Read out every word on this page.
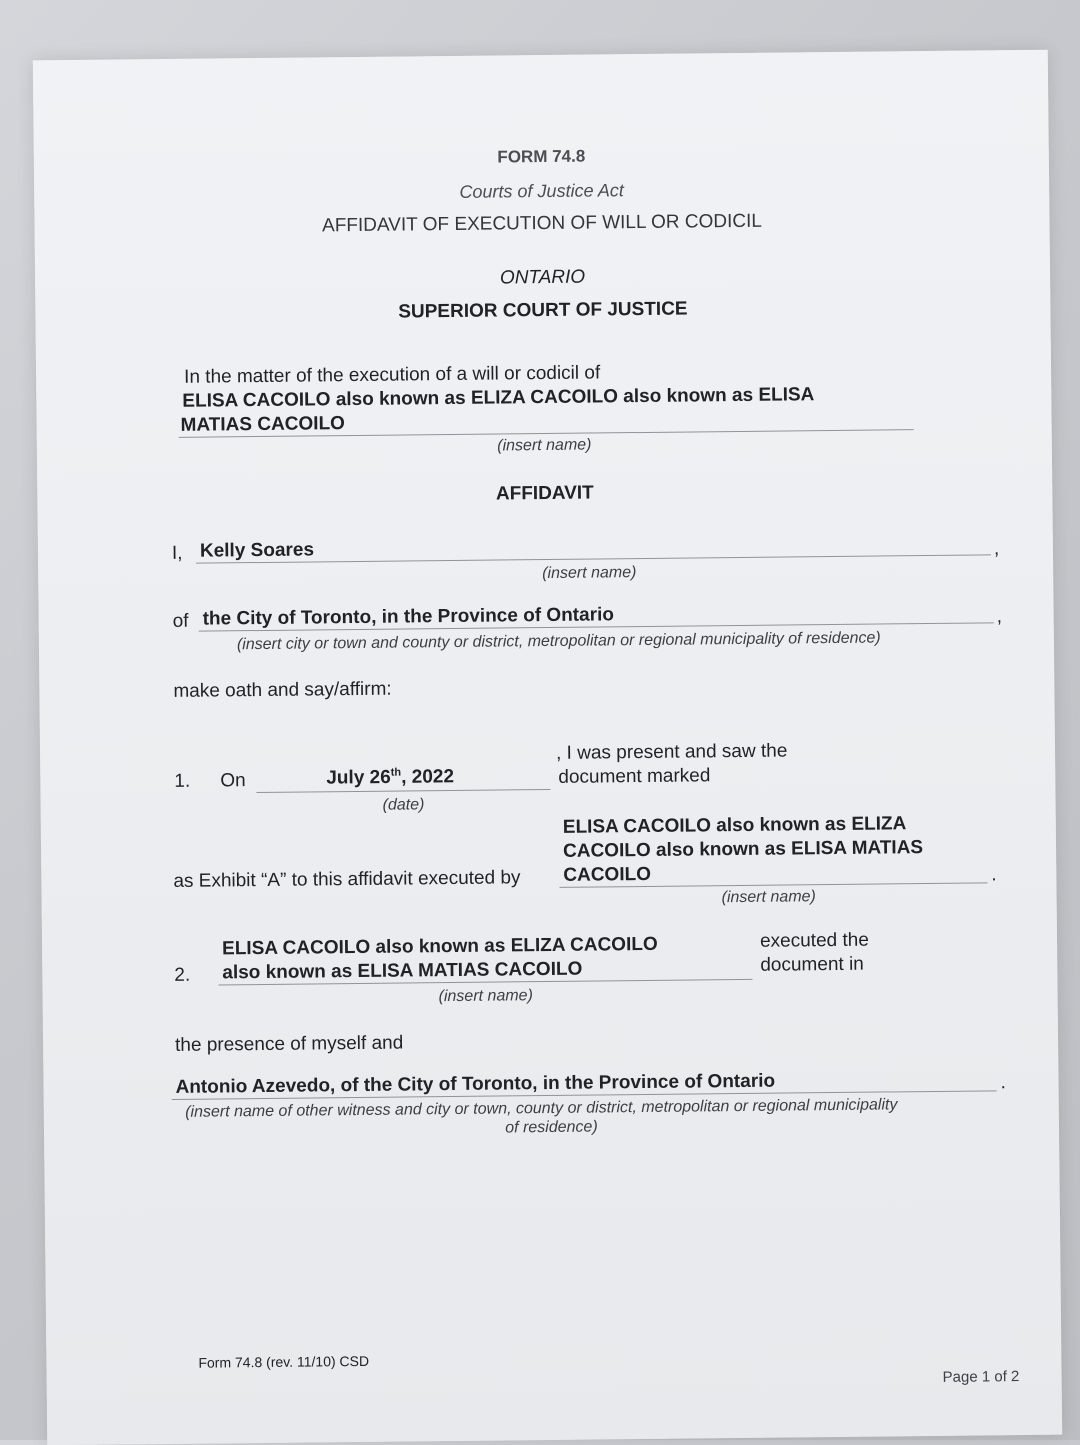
FORM 74.8
Courts of Justice Act
AFFIDAVIT OF EXECUTION OF WILL OR CODICIL
ONTARIO
SUPERIOR COURT OF JUSTICE
In the matter of the execution of a will or codicil of
ELISA CACOILO also known as ELIZA CACOILO also known as ELISA
MATIAS CACOILO
(insert name)
AFFIDAVIT
I, Kelly Soares	,
(insert name)
of the City of Toronto, in the Province of Ontario	,
(insert city or town and county or district, metropolitan or regional municipality of residence)
make oath and say/affirm:
1. On	July 26th, 2022
(date)
, I was present and saw the
document marked
ELISA CACOILO also known as ELIZA
CACOILO also known as ELISA MATIAS
as Exhibit “A” to this affidavit executed by CACOILO	.
(insert name)
2.
ELISA CACOILO also known as ELIZA CACOILO
also known as ELISA MATIAS CACOILO
(insert name)
executed the
document in
the presence of myself and
Antonio Azevedo, of the City of Toronto, in the Province of Ontario	.
(insert name of other witness and city or town, county or district, metropolitan or regional municipality
of residence)
Form 74.8 (rev. 11/10) CSD
Page 1 of 2
